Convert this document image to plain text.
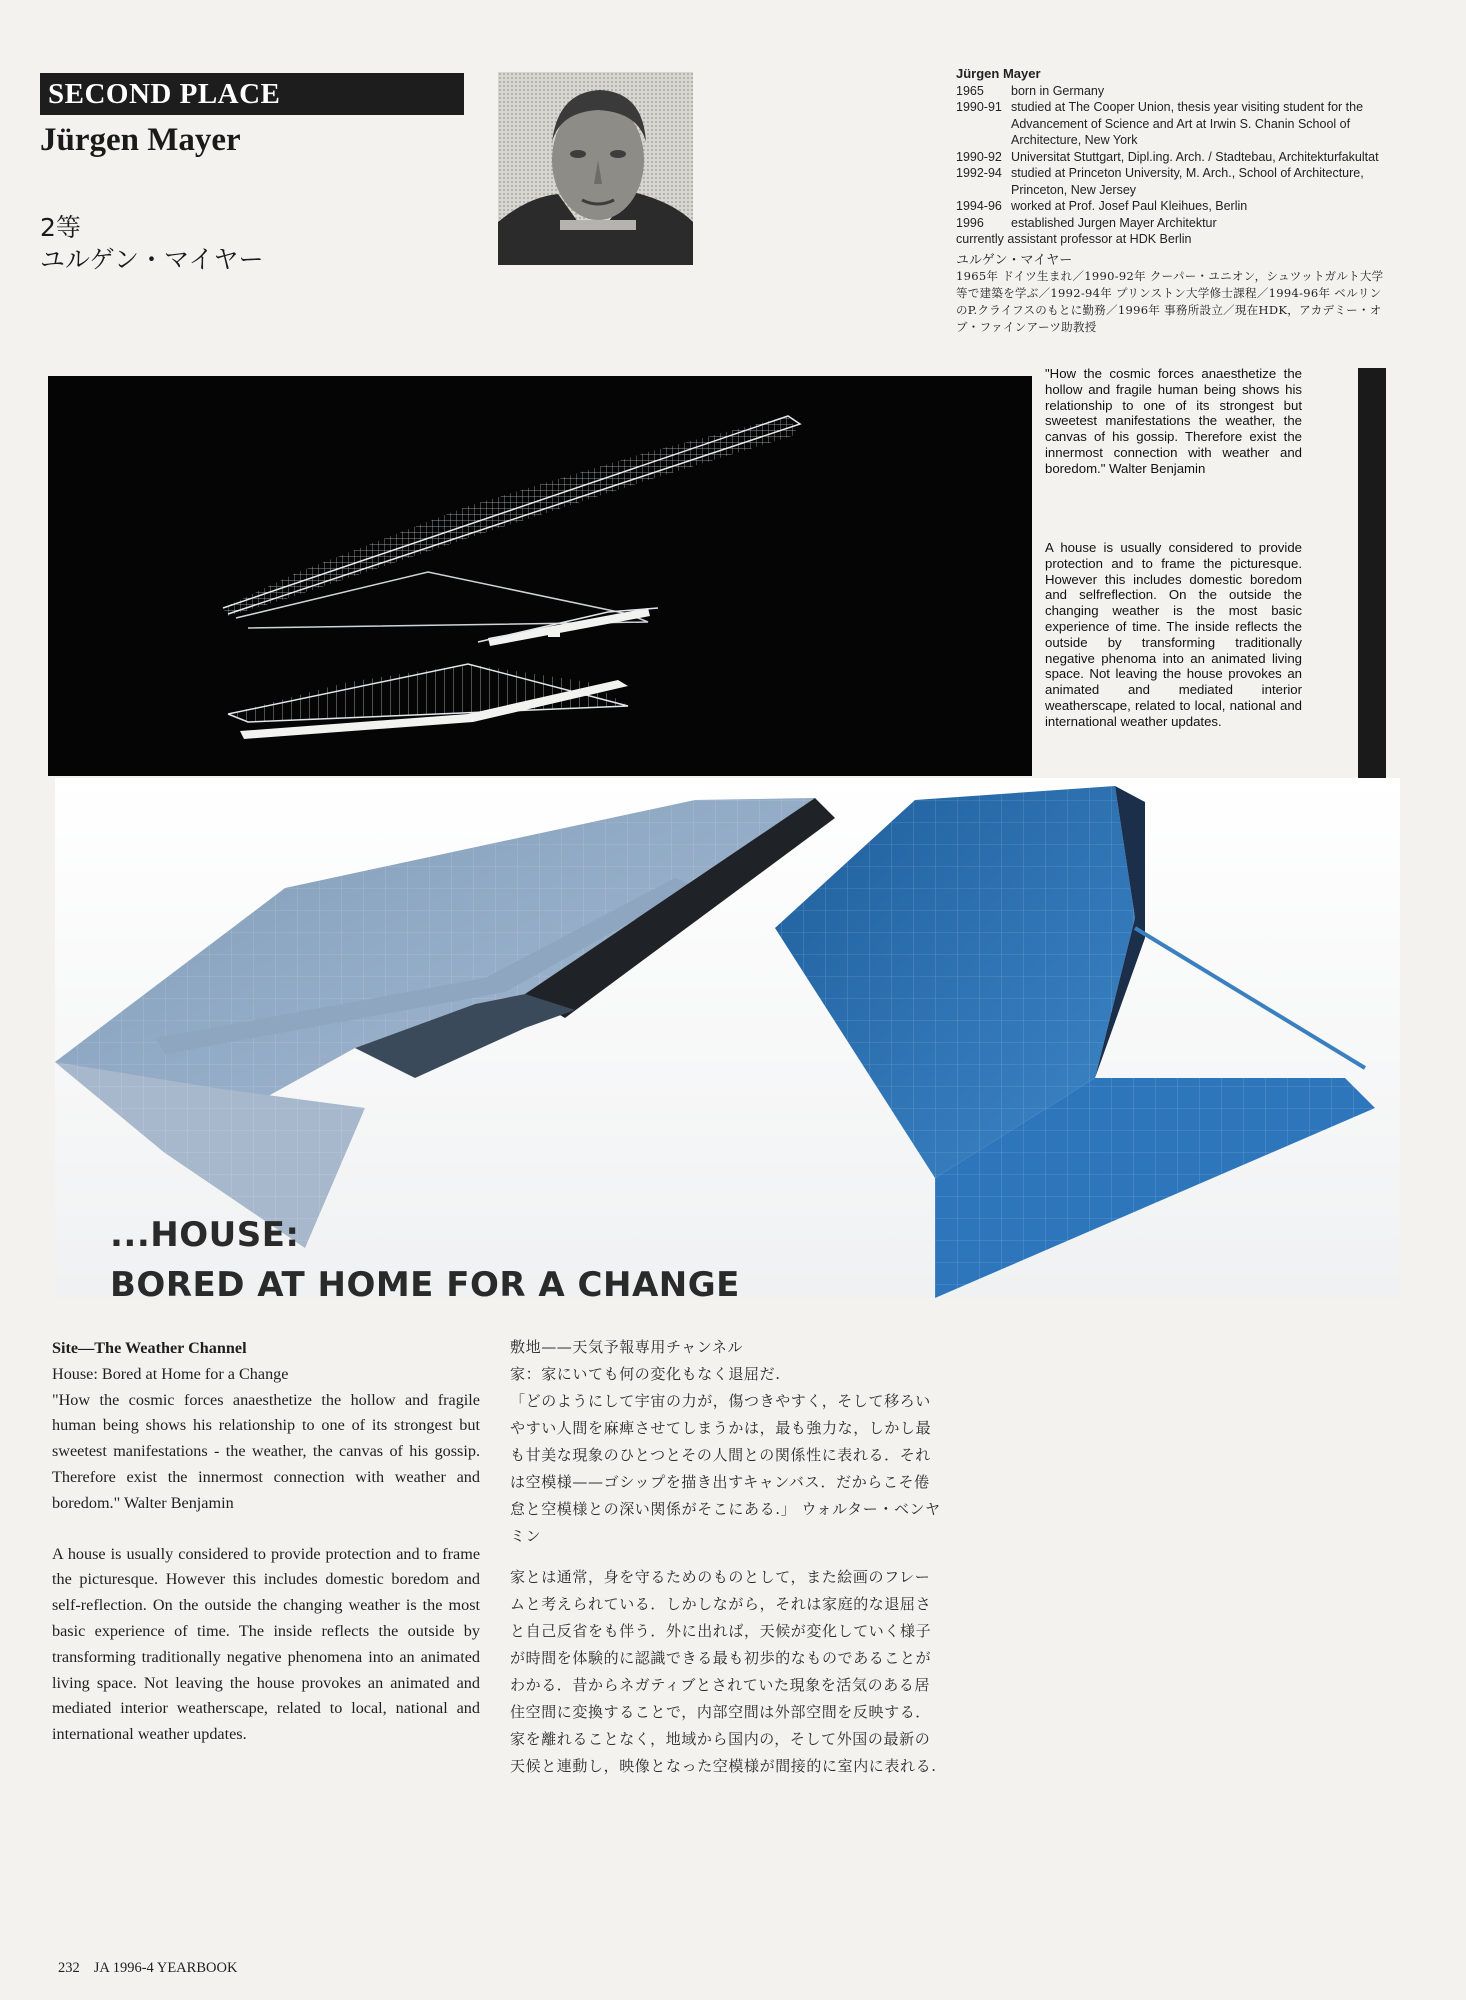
SECOND PLACE
Jürgen Mayer
2等
ユルゲン・マイヤー
Jürgen Mayer
1965	born in Germany
1990-91	studied at The Cooper Union, thesis year visiting student for the Advancement of Science and Art at Irwin S. Chanin School of Architecture, New York
1990-92	Universitat Stuttgart, Dipl.ing. Arch. / Stadtebau, Architekturfakultat
1992-94	studied at Princeton University, M. Arch., School of Architecture, Princeton, New Jersey
1994-96	worked at Prof. Josef Paul Kleihues, Berlin
1996	established Jurgen Mayer Architektur
currently assistant professor at HDK Berlin
ユルゲン・マイヤー
1965年 ドイツ生まれ／1990-92年 クーパー・ユニオン，シュツットガルト大学等で建築を学ぶ／1992-94年 プリンストン大学修士課程／1994-96年 ベルリンのP.クライフスのもとに勤務／1996年 事務所設立／現在HDK，アカデミー・オブ・ファインアーツ助教授
"How the cosmic forces anaesthetize the hollow and fragile human being shows his relationship to one of its strongest but sweetest manifestations the weather, the canvas of his gossip. Therefore exist the innermost connection with weather and boredom." Walter Benjamin
A house is usually considered to provide protection and to frame the picturesque. However this includes domestic boredom and selfreflection. On the outside the changing weather is the most basic experience of time. The inside reflects the outside by transforming traditionally negative phenoma into an animated living space. Not leaving the house provokes an animated and mediated interior weatherscape, related to local, national and international weather updates.
...HOUSE:
BORED AT HOME FOR A CHANGE
Site—The Weather Channel
House: Bored at Home for a Change

"How the cosmic forces anaesthetize the hollow and fragile human being shows his relationship to one of its strongest but sweetest manifestations - the weather, the canvas of his gossip. Therefore exist the innermost connection with weather and boredom." Walter Benjamin

A house is usually considered to provide protection and to frame the picturesque. However this includes domestic boredom and self-reflection. On the outside the changing weather is the most basic experience of time. The inside reflects the outside by transforming traditionally negative phenomena into an animated living space. Not leaving the house provokes an animated and mediated interior weatherscape, related to local, national and international weather updates.

敷地——天気予報専用チャンネル
家：家にいても何の変化もなく退屈だ.

「どのようにして宇宙の力が，傷つきやすく，そして移ろいやすい人間を麻痺させてしまうかは，最も強力な，しかし最も甘美な現象のひとつとその人間との関係性に表れる．それは空模様——ゴシップを描き出すキャンバス．だからこそ倦怠と空模様との深い関係がそこにある.」 ウォルター・ベンヤミン

家とは通常，身を守るためのものとして，また絵画のフレームと考えられている．しかしながら，それは家庭的な退屈さと自己反省をも伴う．外に出れば，天候が変化していく様子が時間を体験的に認識できる最も初歩的なものであることがわかる．昔からネガティブとされていた現象を活気のある居住空間に変換することで，内部空間は外部空間を反映する．家を離れることなく，地域から国内の，そして外国の最新の天候と連動し，映像となった空模様が間接的に室内に表れる.

232 JA 1996-4 YEARBOOK
